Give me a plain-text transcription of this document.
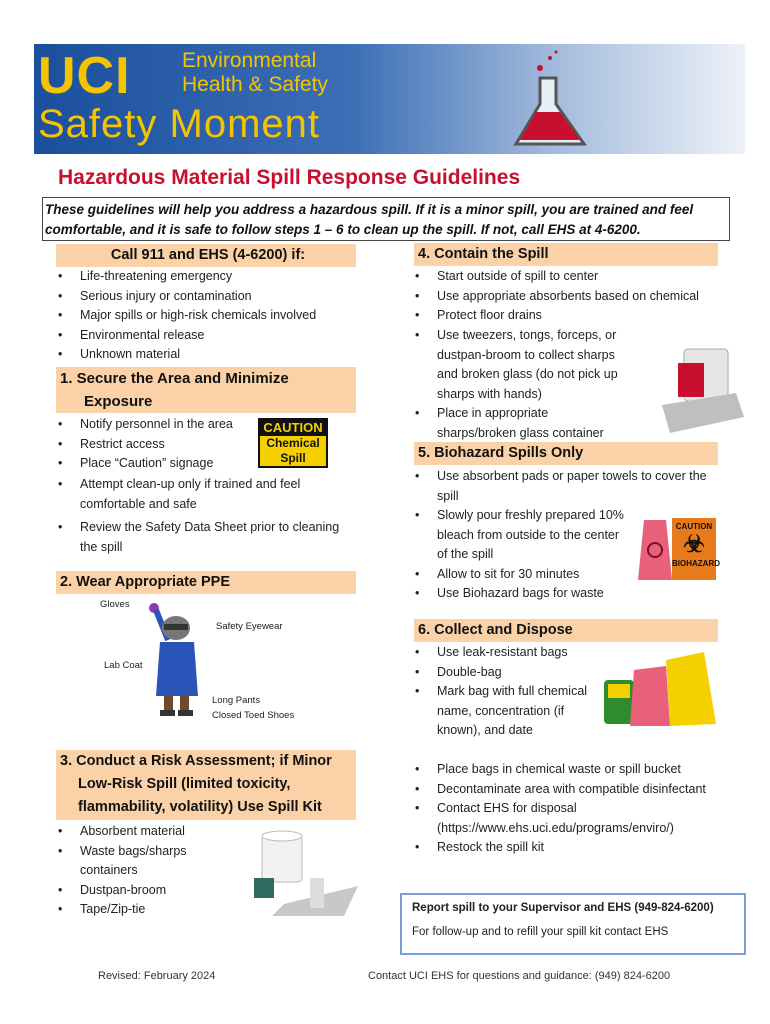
UCI Environmental
Health & Safety
Safety Moment
Hazardous Material Spill Response Guidelines
These guidelines will help you address a hazardous spill. If it is a minor spill, you are trained and feel comfortable, and it is safe to follow steps 1 – 6 to clean up the spill. If not, call EHS at 4-6200.
Call 911 and EHS (4-6200) if:
• Life-threatening emergency
• Serious injury or contamination
• Major spills or high-risk chemicals involved
• Environmental release
• Unknown material
1. Secure the Area and Minimize
Exposure
• Notify personnel in the area
• Restrict access
• Place “Caution” signage
• Attempt clean-up only if trained and feel comfortable and safe
• Review the Safety Data Sheet prior to cleaning the spill
CAUTION
Chemical
Spill
2. Wear Appropriate PPE
Gloves
Safety Eyewear
Lab Coat
Long Pants
Closed Toed Shoes
3. Conduct a Risk Assessment; if Minor
Low-Risk Spill (limited toxicity,
flammability, volatility) Use Spill Kit
• Absorbent material
• Waste bags/sharps containers
• Dustpan-broom
• Tape/Zip-tie
4. Contain the Spill
• Start outside of spill to center
• Use appropriate absorbents based on chemical
• Protect floor drains
• Use tweezers, tongs, forceps, or dustpan-broom to collect sharps and broken glass (do not pick up sharps with hands)
• Place in appropriate sharps/broken glass container
5. Biohazard Spills Only
• Use absorbent pads or paper towels to cover the spill
• Slowly pour freshly prepared 10% bleach from outside to the center of the spill
• Allow to sit for 30 minutes
• Use Biohazard bags for waste
CAUTION
☣
BIOHAZARD
6. Collect and Dispose
• Use leak-resistant bags
• Double-bag
• Mark bag with full chemical name, concentration (if known), and date
• Place bags in chemical waste or spill bucket
• Decontaminate area with compatible disinfectant
• Contact EHS for disposal (https://www.ehs.uci.edu/programs/enviro/)
• Restock the spill kit
Report spill to your Supervisor and EHS (949-824-6200)
For follow-up and to refill your spill kit contact EHS
Revised: February 2024	Contact UCI EHS for questions and guidance: (949) 824-6200
